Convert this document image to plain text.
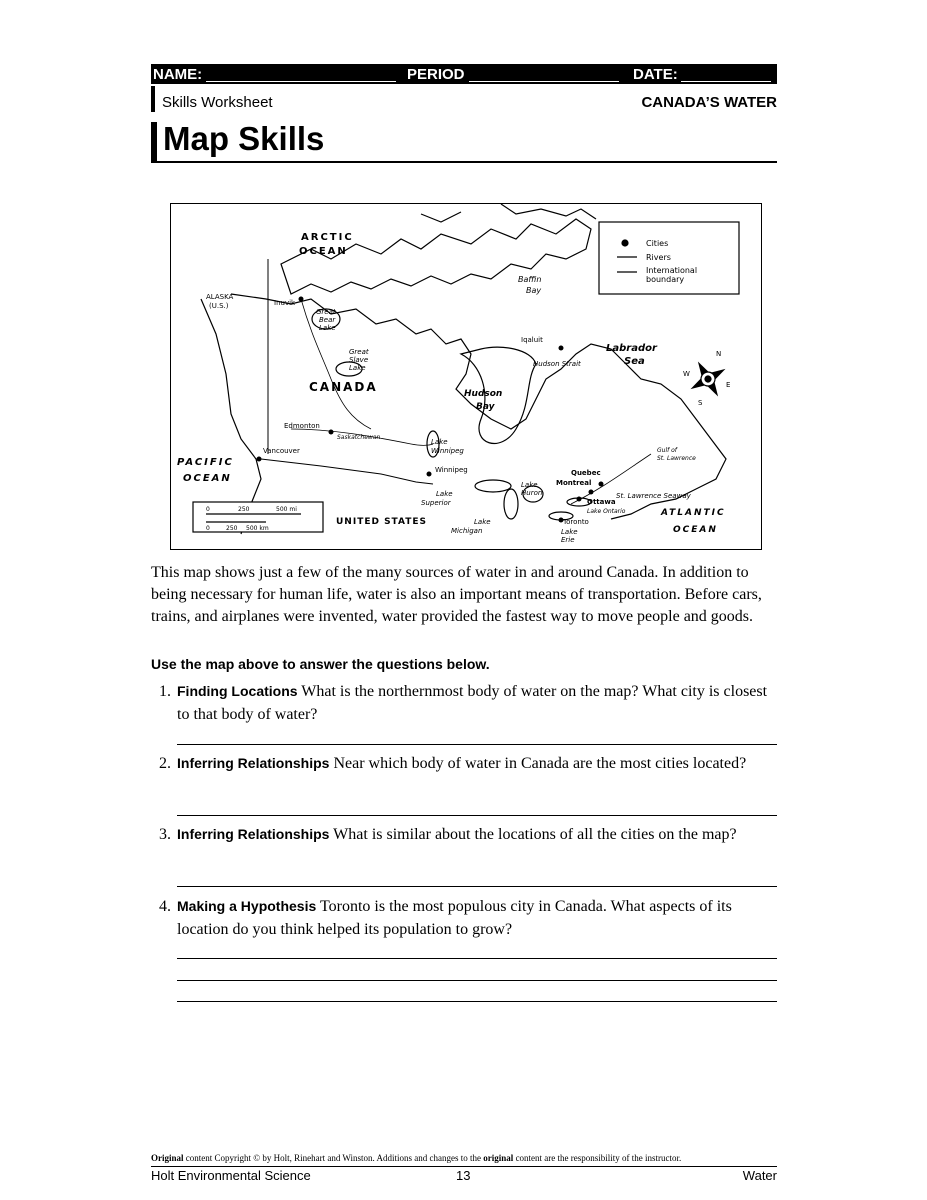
NAME:	PERIOD	DATE:
Skills Worksheet	CANADA’S WATER
Map Skills
ARCTIC
OCEAN
ALASKA
(U.S.)	Inuvik
Great
Bear
Lake
Great
Slave
Lake
Baffin
Bay
Iqaluit
Hudson Strait
Labrador
Sea
CANADA	Hudson
Bay
Edmonton
Saskatchewan
Lake
Winnipeg
Winnipeg
Vancouver
PACIFIC
OCEAN	Quebec
Montreal
Ottawa
Gulf of
St. Lawrence
St. Lawrence Seaway
Lake
Huron
Lake
Superior
Lake Ontario
Toronto
Lake
Michigan	Lake
Erie
UNITED STATES
ATLANTIC
OCEAN
Cities
Rivers
International
boundary
0	250	500 mi
0	250 500 km
N
S
E
W
This map shows just a few of the many sources of water in and around Canada. In addition to being necessary for human life, water is also an important means of transportation. Before cars, trains, and airplanes were invented, water provided the fastest way to move people and goods.
Use the map above to answer the questions below.
1. Finding Locations What is the northernmost body of water on the map? What city is closest to that body of water?
2. Inferring Relationships Near which body of water in Canada are the most cities located?
3. Inferring Relationships What is similar about the locations of all the cities on the map?
4. Making a Hypothesis Toronto is the most populous city in Canada. What aspects of its location do you think helped its population to grow?
Original content Copyright © by Holt, Rinehart and Winston. Additions and changes to the original content are the responsibility of the instructor.
Holt Environmental Science	13	Water
